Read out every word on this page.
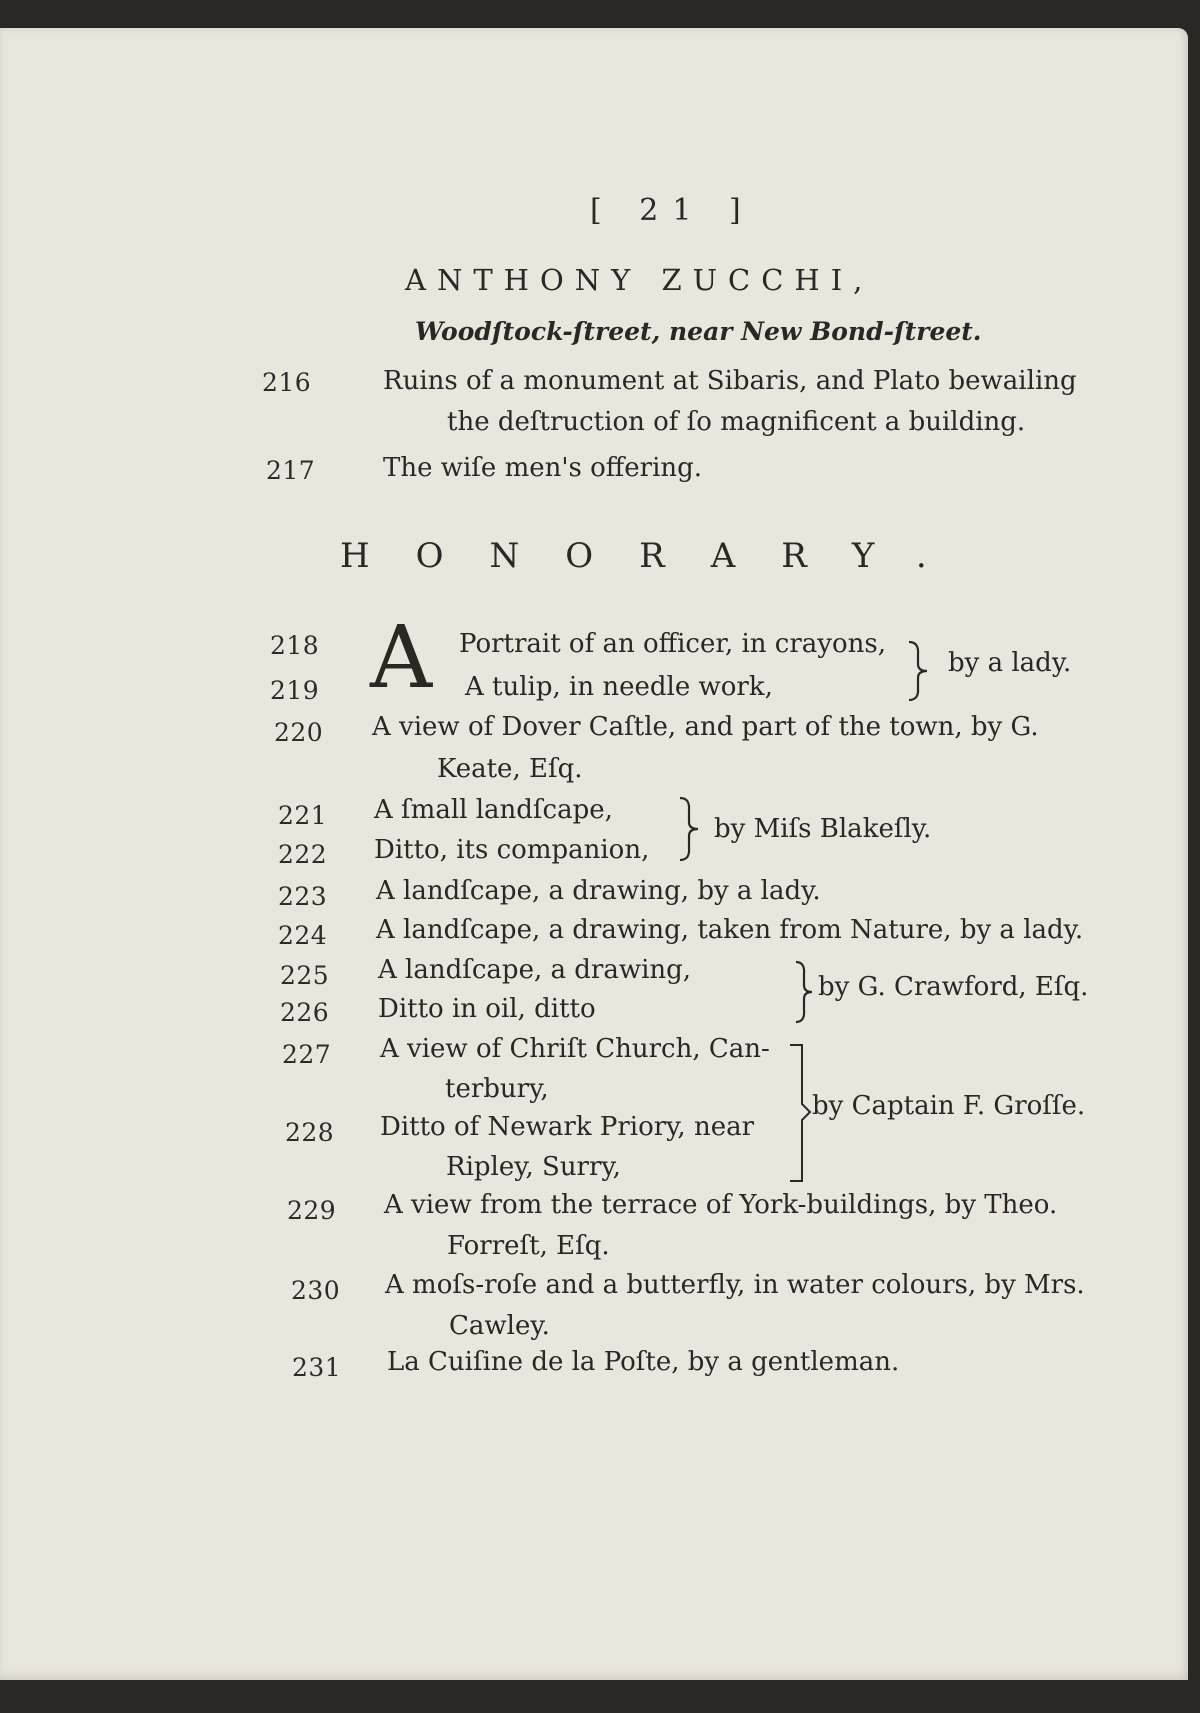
[ 21 ]
ANTHONY ZUCCHI,
Woodſtock-ſtreet, near New Bond-ſtreet.
216	Ruins of a monument at Sibaris, and Plato bewailing
the deſtruction of ſo magnificent a building.
217	The wiſe men's offering.
HONORARY.
218
219 A Portrait of an officer, in crayons,
A tulip, in needle work,
by a lady.
220 A view of Dover Caſtle, and part of the town, by G.
Keate, Eſq.
221
222
A ſmall landſcape,
Ditto, its companion,
by Miſs Blakeſly.
223 A landſcape, a drawing, by a lady.
224 A landſcape, a drawing, taken from Nature, by a lady.
225
226
A landſcape, a drawing,
Ditto in oil, ditto
by G. Crawford, Eſq.
227 A view of Chriſt Church, Can-
terbury,
228 Ditto of Newark Priory, near
Ripley, Surry,
by Captain F. Groſſe.
229 A view from the terrace of York-buildings, by Theo.
Forreſt, Eſq.
230 A moſs-roſe and a butterfly, in water colours, by Mrs.
Cawley.
231 La Cuiſine de la Poſte, by a gentleman.
